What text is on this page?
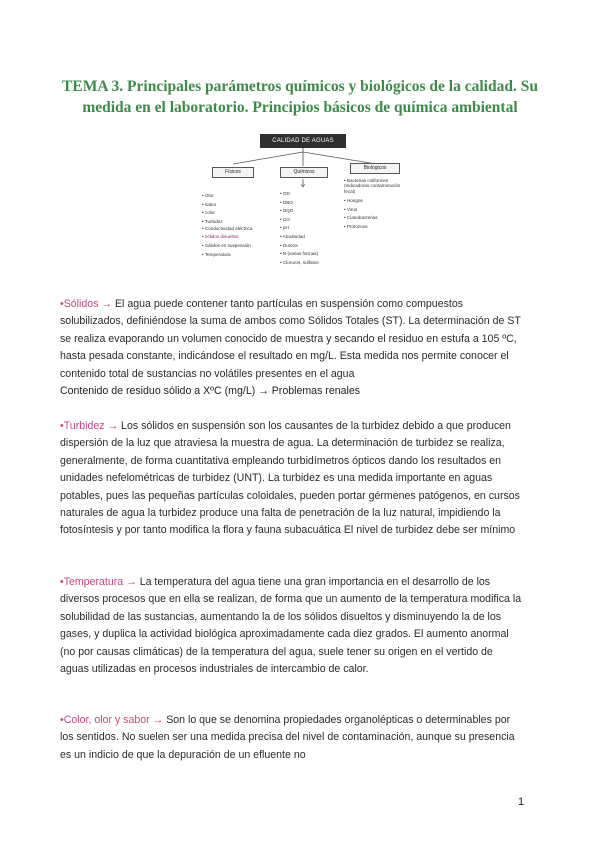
TEMA 3. Principales parámetros químicos y biológicos de la calidad. Su medida en el laboratorio. Principios básicos de química ambiental
CALIDAD DE AGUAS
Físicos	Químicos
Biológicos
• Olor
• sabor
• color
• Turbidez
• Conductividad eléctrica
• sólidos disueltos
• Sólidos en suspensión
• Temperatura
• OD
• DBO
• DQO
• CO
• pH
• Alcalinidad
• Dureza
• N (varias formas)
• Cloruros, sulfatos
• Bacterias coliformes (Indicadoras contaminación fecal)
• Hongos
• Virus
• Cianobacterias
• Protozoos

•Sólidos → El agua puede contener tanto partículas en suspensión como compuestos solubilizados, definiéndose la suma de ambos como Sólidos Totales (ST). La determinación de ST se realiza evaporando un volumen conocido de muestra y secando el residuo en estufa a 105 ºC, hasta pesada constante, indicándose el resultado en mg/L. Esta medida nos permite conocer el contenido total de sustancias no volátiles presentes en el agua
Contenido de residuo sólido a XºC (mg/L) → Problemas renales

•Turbidez → Los sólidos en suspensión son los causantes de la turbidez debido a que producen dispersión de la luz que atraviesa la muestra de agua. La determinación de turbidez se realiza, generalmente, de forma cuantitativa empleando turbidímetros ópticos dando los resultados en unidades nefelométricas de turbidez (UNT). La turbidez es una medida importante en aguas potables, pues las pequeñas partículas coloidales, pueden portar gérmenes patógenos, en cursos naturales de agua la turbidez produce una falta de penetración de la luz natural, impidiendo la fotosíntesis y por tanto modifica la flora y fauna subacuática El nivel de turbidez debe ser mínimo

•Temperatura → La temperatura del agua tiene una gran importancia en el desarrollo de los diversos procesos que en ella se realizan, de forma que un aumento de la temperatura modifica la solubilidad de las sustancias, aumentando la de los sólidos disueltos y disminuyendo la de los gases, y duplica la actividad biológica aproximadamente cada diez grados. El aumento anormal (no por causas climáticas) de la temperatura del agua, suele tener su origen en el vertido de aguas utilizadas en procesos industriales de intercambio de calor.

•Color, olor y sabor → Son lo que se denomina propiedades organolépticas o determinables por los sentidos. No suelen ser una medida precisa del nivel de contaminación, aunque su presencia es un indicio de que la depuración de un efluente no

1
